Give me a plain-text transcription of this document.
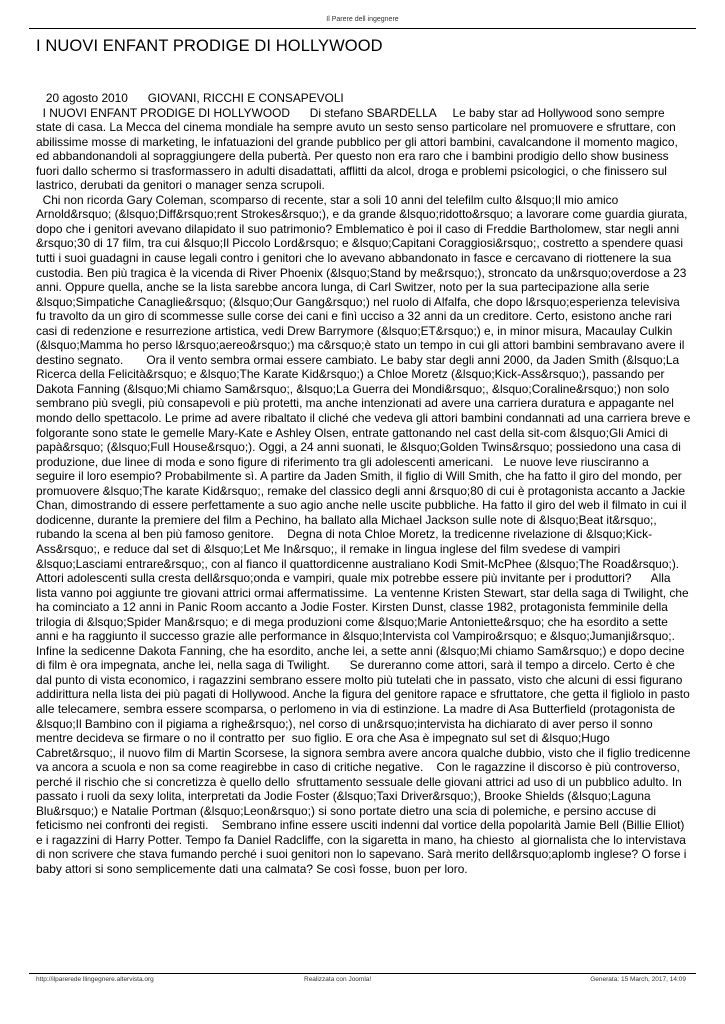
Il Parere dell ingegnere
I NUOVI ENFANT PRODIGE DI HOLLYWOOD

20 agosto 2010      GIOVANI, RICCHI E CONSAPEVOLI

I NUOVI ENFANT PRODIGE DI HOLLYWOOD      Di stefano SBARDELLA     Le baby star ad Hollywood sono sempre state di casa. La Mecca del cinema mondiale ha sempre avuto un sesto senso particolare nel promuovere e sfruttare, con abilissime mosse di marketing, le infatuazioni del grande pubblico per gli attori bambini, cavalcandone il momento magico, ed abbandonandoli al sopraggiungere della pubertà. Per questo non era raro che i bambini prodigio dello show business fuori dallo schermo si trasformassero in adulti disadattati, afflitti da alcol, droga e problemi psicologici, o che finissero sul lastrico, derubati da genitori o manager senza scrupoli.

Chi non ricorda Gary Coleman, scomparso di recente, star a soli 10 anni del telefilm culto &lsquo;Il mio amico Arnold&rsquo; (&lsquo;Diff&rsquo;rent Strokes&rsquo;), e da grande &lsquo;ridotto&rsquo; a lavorare come guardia giurata, dopo che i genitori avevano dilapidato il suo patrimonio? Emblematico è poi il caso di Freddie Bartholomew, star negli anni &rsquo;30 di 17 film, tra cui &lsquo;Il Piccolo Lord&rsquo; e &lsquo;Capitani Coraggiosi&rsquo;, costretto a spendere quasi tutti i suoi guadagni in cause legali contro i genitori che lo avevano abbandonato in fasce e cercavano di riottenere la sua custodia. Ben più tragica è la vicenda di River Phoenix (&lsquo;Stand by me&rsquo;), stroncato da un&rsquo;overdose a 23 anni. Oppure quella, anche se la lista sarebbe ancora lunga, di Carl Switzer, noto per la sua partecipazione alla serie &lsquo;Simpatiche Canaglie&rsquo; (&lsquo;Our Gang&rsquo;) nel ruolo di Alfalfa, che dopo l&rsquo;esperienza televisiva fu travolto da un giro di scommesse sulle corse dei cani e finì ucciso a 32 anni da un creditore. Certo, esistono anche rari casi di redenzione e resurrezione artistica, vedi Drew Barrymore (&lsquo;ET&rsquo;) e, in minor misura, Macaulay Culkin (&lsquo;Mamma ho perso l&rsquo;aereo&rsquo;) ma c&rsquo;è stato un tempo in cui gli attori bambini sembravano avere il destino segnato.       Ora il vento sembra ormai essere cambiato. Le baby star degli anni 2000, da Jaden Smith (&lsquo;La Ricerca della Felicità&rsquo; e &lsquo;The Karate Kid&rsquo;) a Chloe Moretz (&lsquo;Kick-Ass&rsquo;), passando per Dakota Fanning (&lsquo;Mi chiamo Sam&rsquo;, &lsquo;La Guerra dei Mondi&rsquo;, &lsquo;Coraline&rsquo;) non solo sembrano più svegli, più consapevoli e più protetti, ma anche intenzionati ad avere una carriera duratura e appagante nel mondo dello spettacolo. Le prime ad avere ribaltato il cliché che vedeva gli attori bambini condannati ad una carriera breve e folgorante sono state le gemelle Mary-Kate e Ashley Olsen, entrate gattonando nel cast della sit-com &lsquo;Gli Amici di papà&rsquo; (&lsquo;Full House&rsquo;). Oggi, a 24 anni suonati, le &lsquo;Golden Twins&rsquo; possiedono una casa di produzione, due linee di moda e sono figure di riferimento tra gli adolescenti americani.   Le nuove leve riusciranno a seguire il loro esempio? Probabilmente sì. A partire da Jaden Smith, il figlio di Will Smith, che ha fatto il giro del mondo, per promuovere &lsquo;The karate Kid&rsquo;, remake del classico degli anni &rsquo;80 di cui è protagonista accanto a Jackie Chan, dimostrando di essere perfettamente a suo agio anche nelle uscite pubbliche. Ha fatto il giro del web il filmato in cui il dodicenne, durante la premiere del film a Pechino, ha ballato alla Michael Jackson sulle note di &lsquo;Beat it&rsquo;, rubando la scena al ben più famoso genitore.    Degna di nota Chloe Moretz, la tredicenne rivelazione di &lsquo;Kick-Ass&rsquo;, e reduce dal set di &lsquo;Let Me In&rsquo;, il remake in lingua inglese del film svedese di vampiri &lsquo;Lasciami entrare&rsquo;, con al fianco il quattordicenne australiano Kodi Smit-McPhee (&lsquo;The Road&rsquo;). Attori adolescenti sulla cresta dell&rsquo;onda e vampiri, quale mix potrebbe essere più invitante per i produttori?      Alla lista vanno poi aggiunte tre giovani attrici ormai affermatissime.  La ventenne Kristen Stewart, star della saga di Twilight, che ha cominciato a 12 anni in Panic Room accanto a Jodie Foster. Kirsten Dunst, classe 1982, protagonista femminile della trilogia di &lsquo;Spider Man&rsquo; e di mega produzioni come &lsquo;Marie Antoniette&rsquo; che ha esordito a sette anni e ha raggiunto il successo grazie alle performance in &lsquo;Intervista col Vampiro&rsquo; e &lsquo;Jumanji&rsquo;. Infine la sedicenne Dakota Fanning, che ha esordito, anche lei, a sette anni (&lsquo;Mi chiamo Sam&rsquo;) e dopo decine di film è ora impegnata, anche lei, nella saga di Twilight.      Se dureranno come attori, sarà il tempo a dircelo. Certo è che dal punto di vista economico, i ragazzini sembrano essere molto più tutelati che in passato, visto che alcuni di essi figurano addirittura nella lista dei più pagati di Hollywood. Anche la figura del genitore rapace e sfruttatore, che getta il figliolo in pasto alle telecamere, sembra essere scomparsa, o perlomeno in via di estinzione. La madre di Asa Butterfield (protagonista de &lsquo;Il Bambino con il pigiama a righe&rsquo;), nel corso di un&rsquo;intervista ha dichiarato di aver perso il sonno mentre decideva se firmare o no il contratto per  suo figlio. E ora che Asa è impegnato sul set di &lsquo;Hugo Cabret&rsquo;, il nuovo film di Martin Scorsese, la signora sembra avere ancora qualche dubbio, visto che il figlio tredicenne va ancora a scuola e non sa come reagirebbe in caso di critiche negative.    Con le ragazzine il discorso è più controverso, perché il rischio che si concretizza è quello dello  sfruttamento sessuale delle giovani attrici ad uso di un pubblico adulto. In passato i ruoli da sexy lolita, interpretati da Jodie Foster (&lsquo;Taxi Driver&rsquo;), Brooke Shields (&lsquo;Laguna Blu&rsquo;) e Natalie Portman (&lsquo;Leon&rsquo;) si sono portate dietro una scia di polemiche, e persino accuse di feticismo nei confronti dei registi.    Sembrano infine essere usciti indenni dal vortice della popolarità Jamie Bell (Billie Elliot) e i ragazzini di Harry Potter. Tempo fa Daniel Radcliffe, con la sigaretta in mano, ha chiesto  al giornalista che lo intervistava di non scrivere che stava fumando perché i suoi genitori non lo sapevano. Sarà merito dell&rsquo;aplomb inglese? O forse i baby attori si sono semplicemente dati una calmata? Se così fosse, buon per loro.

http://ilparerede llingegnere.altervista.org	Realizzata con Joomla!	Generata: 15 March, 2017, 14:09
